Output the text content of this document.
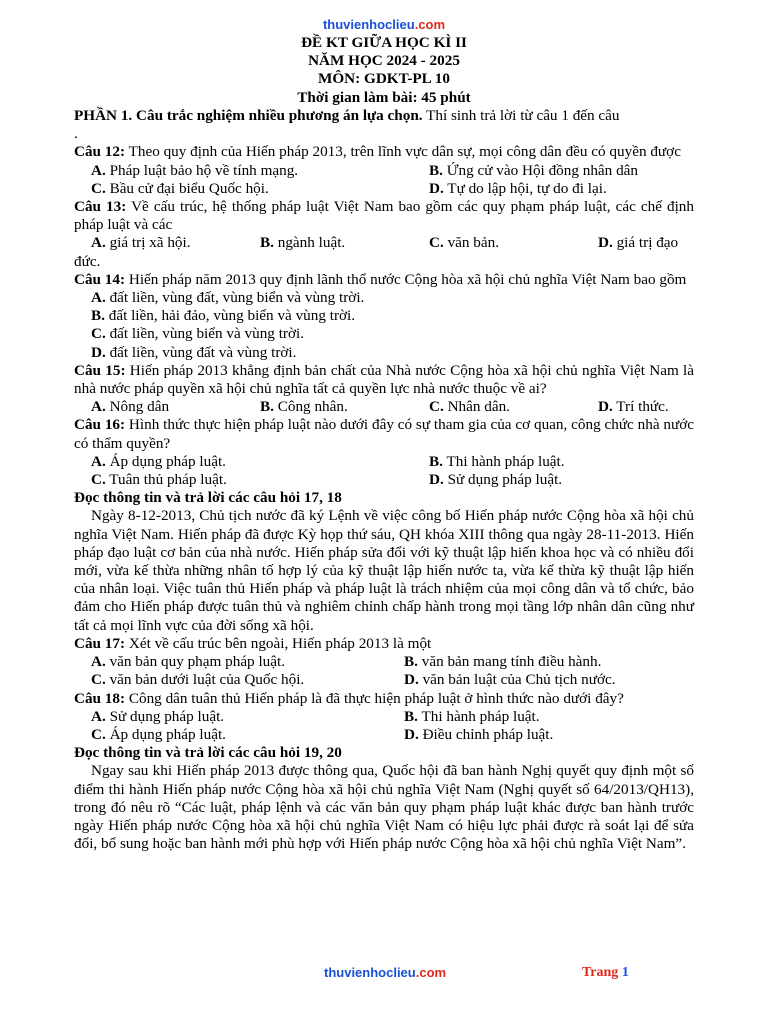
thuvienhoclieu.com
ĐỀ KT GIỮA HỌC KÌ II
NĂM HỌC 2024 - 2025
MÔN: GDKT-PL 10
Thời gian làm bài: 45 phút

PHẦN 1. Câu trắc nghiệm nhiều phương án lựa chọn. Thí sinh trả lời từ câu 1 đến câu

.

Câu 12: Theo quy định của Hiến pháp 2013, trên lĩnh vực dân sự, mọi công dân đều có quyền được

A. Pháp luật bảo hộ về tính mạng.	B. Ứng cử vào Hội đồng nhân dân
C. Bầu cử đại biểu Quốc hội.	D. Tự do lập hội, tự do đi lại.

Câu 13: Về cấu trúc, hệ thống pháp luật Việt Nam bao gồm các quy phạm pháp luật, các chế định pháp luật và các

A. giá trị xã hội.	B. ngành luật.	C. văn bản.	D. giá trị đạo

đức.

Câu 14: Hiến pháp năm 2013 quy định lãnh thổ nước Cộng hòa xã hội chủ nghĩa Việt Nam bao gồm

A. đất liền, vùng đất, vùng biển và vùng trời.
B. đất liền, hải đảo, vùng biển và vùng trời.
C. đất liền, vùng biển và vùng trời.
D. đất liền, vùng đất và vùng trời.

Câu 15: Hiến pháp 2013 khẳng định bản chất của Nhà nước Cộng hòa xã hội chủ nghĩa Việt Nam là nhà nước pháp quyền xã hội chủ nghĩa tất cả quyền lực nhà nước thuộc về ai?

A. Nông dân	B. Công nhân.	C. Nhân dân.	D. Trí thức.

Câu 16: Hình thức thực hiện pháp luật nào dưới đây có sự tham gia của cơ quan, công chức nhà nước có thẩm quyền?

A. Áp dụng pháp luật.	B. Thi hành pháp luật.
C. Tuân thủ pháp luật.	D. Sử dụng pháp luật.

Đọc thông tin và trả lời các câu hỏi 17, 18

Ngày 8-12-2013, Chủ tịch nước đã ký Lệnh về việc công bố Hiến pháp nước Cộng hòa xã hội chủ nghĩa Việt Nam. Hiến pháp đã được Kỳ họp thứ sáu, QH khóa XIII thông qua ngày 28-11-2013. Hiến pháp đạo luật cơ bản của nhà nước. Hiến pháp sửa đổi với kỹ thuật lập hiến khoa học và có nhiều đổi mới, vừa kế thừa những nhân tố hợp lý của kỹ thuật lập hiến nước ta, vừa kế thừa kỹ thuật lập hiến của nhân loại. Việc tuân thủ Hiến pháp và pháp luật là trách nhiệm của mọi công dân và tổ chức, bảo đảm cho Hiến pháp được tuân thủ và nghiêm chỉnh chấp hành trong mọi tầng lớp nhân dân cũng như tất cả mọi lĩnh vực của đời sống xã hội.

Câu 17: Xét về cấu trúc bên ngoài, Hiến pháp 2013 là một

A. văn bản quy phạm pháp luật.	B. văn bản mang tính điều hành.
C. văn bản dưới luật của Quốc hội.	D. văn bản luật của Chủ tịch nước.

Câu 18: Công dân tuân thủ Hiến pháp là đã thực hiện pháp luật ở hình thức nào dưới đây?

A. Sử dụng pháp luật.	B. Thi hành pháp luật.
C. Áp dụng pháp luật.	D. Điều chỉnh pháp luật.

Đọc thông tin và trả lời các câu hỏi 19, 20

Ngay sau khi Hiến pháp 2013 được thông qua, Quốc hội đã ban hành Nghị quyết quy định một số điểm thi hành Hiến pháp nước Cộng hòa xã hội chủ nghĩa Việt Nam (Nghị quyết số 64/2013/QH13), trong đó nêu rõ “Các luật, pháp lệnh và các văn bản quy phạm pháp luật khác được ban hành trước ngày Hiến pháp nước Cộng hòa xã hội chủ nghĩa Việt Nam có hiệu lực phải được rà soát lại để sửa đổi, bổ sung hoặc ban hành mới phù hợp với Hiến pháp nước Cộng hòa xã hội chủ nghĩa Việt Nam”.

thuvienhoclieu.com	Trang 1
